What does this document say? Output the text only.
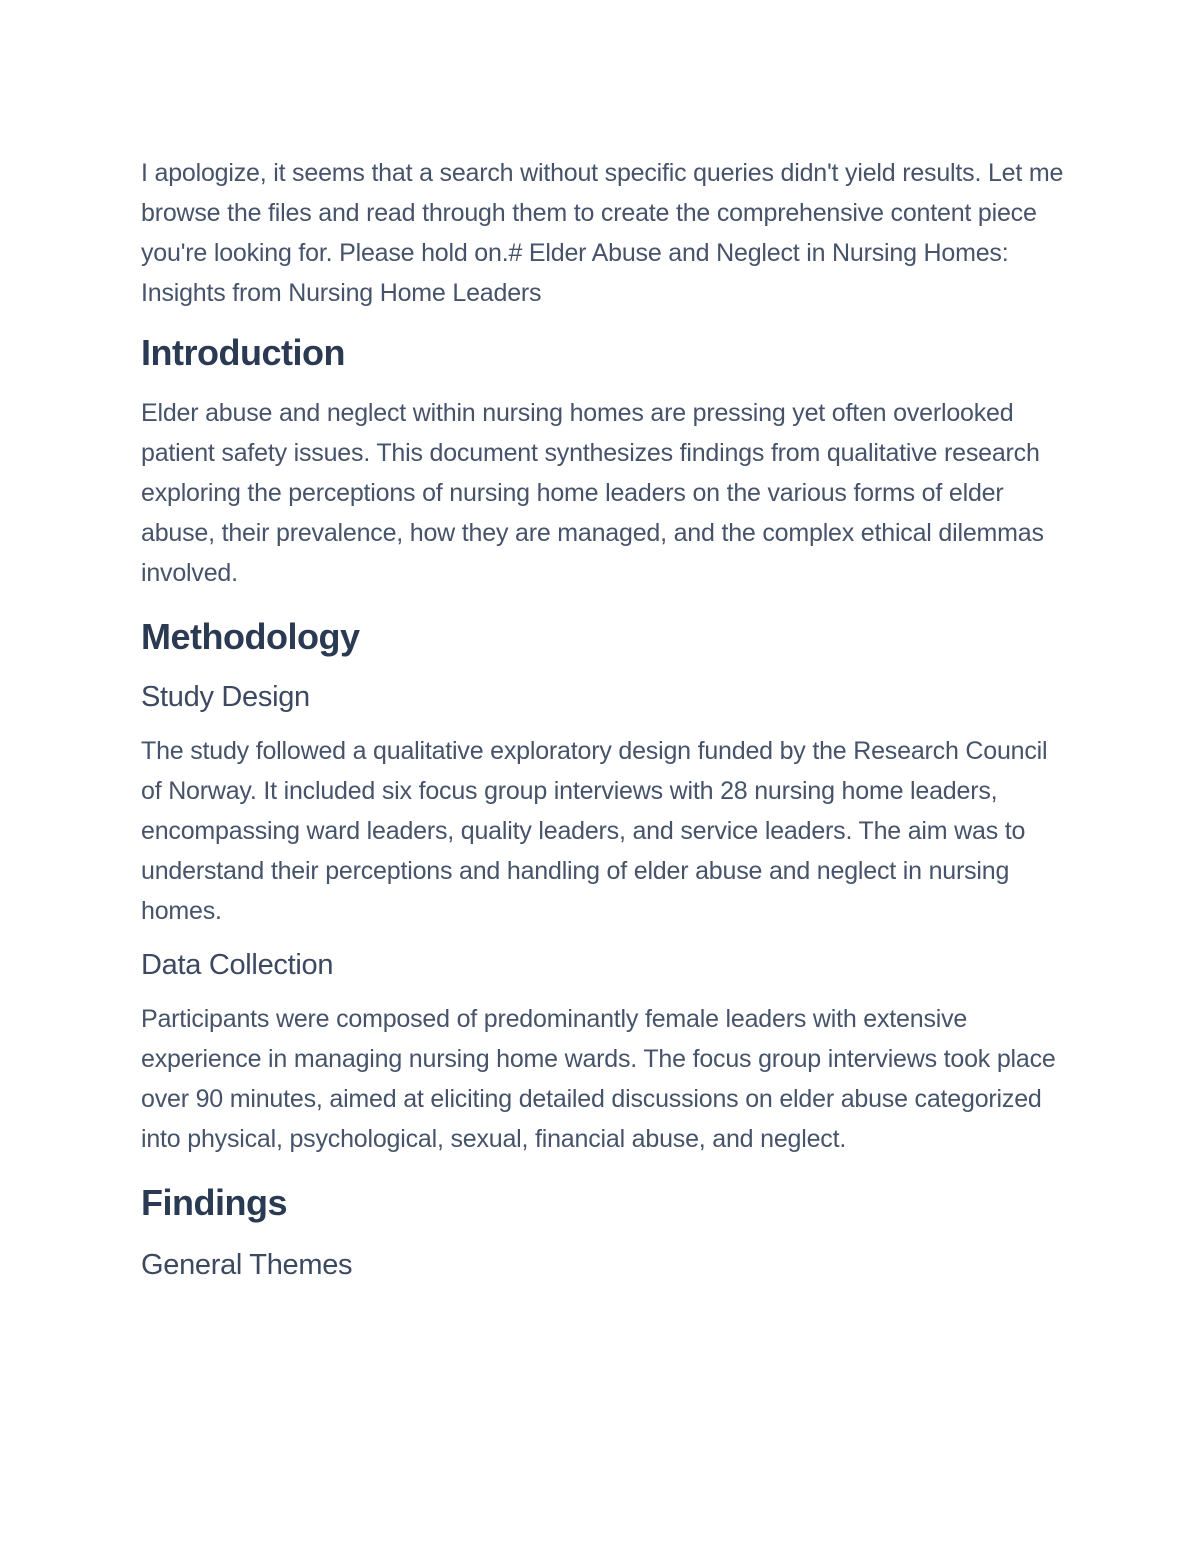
I apologize, it seems that a search without specific queries didn't yield results. Let me browse the files and read through them to create the comprehensive content piece you're looking for. Please hold on.# Elder Abuse and Neglect in Nursing Homes: Insights from Nursing Home Leaders

Introduction

Elder abuse and neglect within nursing homes are pressing yet often overlooked patient safety issues. This document synthesizes findings from qualitative research exploring the perceptions of nursing home leaders on the various forms of elder abuse, their prevalence, how they are managed, and the complex ethical dilemmas involved.

Methodology
Study Design

The study followed a qualitative exploratory design funded by the Research Council of Norway. It included six focus group interviews with 28 nursing home leaders, encompassing ward leaders, quality leaders, and service leaders. The aim was to understand their perceptions and handling of elder abuse and neglect in nursing homes.

Data Collection

Participants were composed of predominantly female leaders with extensive experience in managing nursing home wards. The focus group interviews took place over 90 minutes, aimed at eliciting detailed discussions on elder abuse categorized into physical, psychological, sexual, financial abuse, and neglect.

Findings
General Themes
